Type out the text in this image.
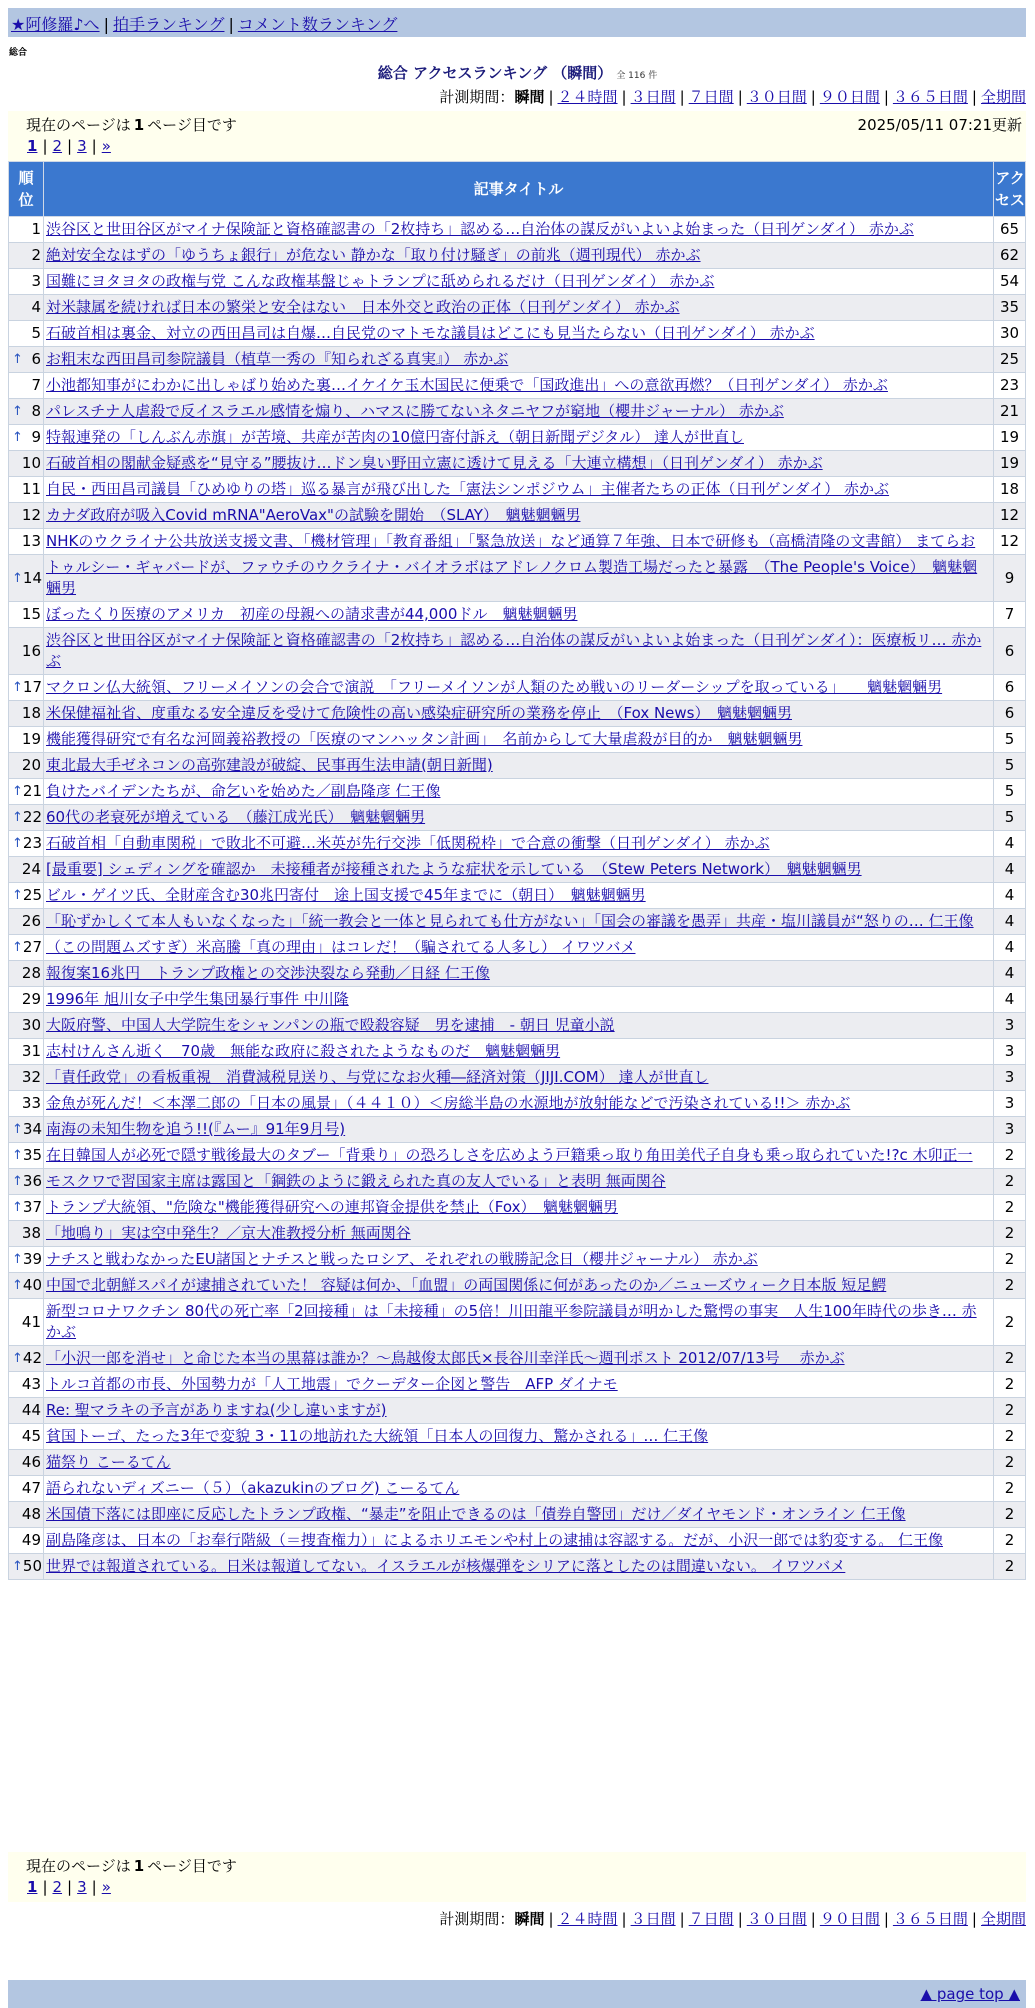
★阿修羅♪へ | 拍手ランキング | コメント数ランキング
総合
総合 アクセスランキング （瞬間） 全 116 件
計測期間：瞬間 | ２４時間 | ３日間 | ７日間 | ３０日間 | ９０日間 | ３６５日間 | 全期間
現在のページは 1 ページ目です	2025/05/11 07:21更新
1 | 2 | 3 | »
順位	記事タイトル	アクセス
1	渋谷区と世田谷区がマイナ保険証と資格確認書の「2枚持ち」認める…自治体の謀反がいよいよ始まった（日刊ゲンダイ） 赤かぶ	65
2	絶対安全なはずの「ゆうちょ銀行」が危ない 静かな「取り付け騒ぎ」の前兆（週刊現代） 赤かぶ	62
3	国難にヨタヨタの政権与党 こんな政権基盤じゃトランプに舐められるだけ（日刊ゲンダイ） 赤かぶ	54
4	対米隷属を続ければ日本の繁栄と安全はない　日本外交と政治の正体（日刊ゲンダイ） 赤かぶ	35
5	石破首相は裏金、対立の西田昌司は自爆…自民党のマトモな議員はどこにも見当たらない（日刊ゲンダイ） 赤かぶ	30

↑ 6	お粗末な西田昌司参院議員（植草一秀の『知られざる真実』） 赤かぶ	25
7	小池都知事がにわかに出しゃばり始めた裏…イケイケ玉木国民に便乗で「国政進出」への意欲再燃？（日刊ゲンダイ） 赤かぶ	23

↑ 8	パレスチナ人虐殺で反イスラエル感情を煽り、ハマスに勝てないネタニヤフが窮地（櫻井ジャーナル） 赤かぶ	21

↑ 9	特報連発の「しんぶん赤旗」が苦境、共産が苦肉の10億円寄付訴え（朝日新聞デジタル） 達人が世直し	19
10	石破首相の閣献金疑惑を“見守る”腰抜け…ドン臭い野田立憲に透けて見える「大連立構想」（日刊ゲンダイ） 赤かぶ	19
11	自民・西田昌司議員「ひめゆりの塔」巡る暴言が飛び出した「憲法シンポジウム」主催者たちの正体（日刊ゲンダイ） 赤かぶ	18
12	カナダ政府が吸入Covid mRNA"AeroVax"の試験を開始　（SLAY）　魑魅魍魎男	12
13	NHKのウクライナ公共放送支援文書、「機材管理」「教育番組」「緊急放送」など通算７年強、日本で研修も（高橋清隆の文書館） まてらお	12

↑ 14	トゥルシー・ギャバードが、ファウチのウクライナ・バイオラボはアドレノクロム製造工場だったと暴露　（The People's Voice）　魑魅魍魎男	9
15	ぼったくり医療のアメリカ　初産の母親への請求書が44,000ドル　魑魅魍魎男	7
16	渋谷区と世田谷区がマイナ保険証と資格確認書の「2枚持ち」認める…自治体の謀反がいよいよ始まった（日刊ゲンダイ）：医療板リ… 赤かぶ	6

↑ 17	マクロン仏大統領、フリーメイソンの会合で演説　「フリーメイソンが人類のため戦いのリーダーシップを取っている」　　魑魅魍魎男	6
18	米保健福祉省、度重なる安全違反を受けて危険性の高い感染症研究所の業務を停止　（Fox News）　魑魅魍魎男	6
19	機能獲得研究で有名な河岡義裕教授の「医療のマンハッタン計画」　名前からして大量虐殺が目的か　魑魅魍魎男	5
20	東北最大手ゼネコンの高弥建設が破綻、民事再生法申請(朝日新聞)	5

↑ 21	負けたバイデンたちが、命乞いを始めた／副島隆彦 仁王像	5

↑ 22	60代の老衰死が増えている　（藤江成光氏）　魑魅魍魎男	5

↑ 23	石破首相「自動車関税」で敗北不可避…米英が先行交渉「低関税枠」で合意の衝撃（日刊ゲンダイ） 赤かぶ	4
24	[最重要] シェディングを確認か　未接種者が接種されたような症状を示している　（Stew Peters Network）　魑魅魍魎男	4

↑ 25	ビル・ゲイツ氏、全財産含む30兆円寄付　途上国支援で45年までに（朝日）　魑魅魍魎男	4
26	「恥ずかしくて本人もいなくなった」「統一教会と一体と見られても仕方がない」「国会の審議を愚弄」共産・塩川議員が“怒りの… 仁王像	4

↑ 27	（この問題ムズすぎ）米高騰「真の理由」はコレだ！（騙されてる人多し） イワツバメ	4
28	報復案16兆円　トランプ政権との交渉決裂なら発動／日経 仁王像	4
29	1996年 旭川女子中学生集団暴行事件 中川隆	4
30	大阪府警、中国人大学院生をシャンパンの瓶で殴殺容疑　男を逮捕　- 朝日 児童小説	3
31	志村けんさん逝く　70歳　無能な政府に殺されたようなものだ　魑魅魍魎男	3
32	「責任政党」の看板重視　消費減税見送り、与党になお火種―経済対策（JIJI.COM） 達人が世直し	3
33	金魚が死んだ！＜本澤二郎の「日本の風景」（４４１０）＜房総半島の水源地が放射能などで汚染されている!!＞ 赤かぶ	3

↑ 34	南海の未知生物を追う!!(『ムー』91年9月号)	3

↑ 35	在日韓国人が必死で隠す戦後最大のタブー「背乗り」の恐ろしさを広めよう戸籍乗っ取り角田美代子自身も乗っ取られていた!?c 木卯正一	2

↑ 36	モスクワで習国家主席は露国と「鋼鉄のように鍛えられた真の友人でいる」と表明 無両関谷	2

↑ 37	トランプ大統領、"危険な"機能獲得研究への連邦資金提供を禁止（Fox）　魑魅魍魎男	2
38	「地鳴り」実は空中発生？／京大准教授分析 無両関谷	2

↑ 39	ナチスと戦わなかったEU諸国とナチスと戦ったロシア、それぞれの戦勝記念日（櫻井ジャーナル） 赤かぶ	2

↑ 40	中国で北朝鮮スパイが逮捕されていた！ 容疑は何か、「血盟」の両国関係に何があったのか／ニューズウィーク日本版 短足鰐	2
41	新型コロナワクチン 80代の死亡率「2回接種」は「未接種」の5倍！川田龍平参院議員が明かした驚愕の事実　人生100年時代の歩き… 赤かぶ	2

↑ 42	「小沢一郎を消せ」と命じた本当の黒幕は誰か？～鳥越俊太郎氏×長谷川幸洋氏～週刊ポスト 2012/07/13号　 赤かぶ	2
43	トルコ首都の市長、外国勢力が「人工地震」でクーデター企図と警告　AFP ダイナモ	2
44	Re: 聖マラキの予言がありますね(少し違いますが)	2
45	貧国トーゴ、たった3年で変貌 3・11の地訪れた大統領「日本人の回復力、驚かされる」… 仁王像	2
46	猫祭り こーるてん	2
47	語られないディズニー（５）（akazukinのブログ) こーるてん	2
48	米国債下落には即座に反応したトランプ政権、“暴走”を阻止できるのは「債券自警団」だけ／ダイヤモンド・オンライン 仁王像	2
49	副島隆彦は、日本の「お奉行階級（＝捜査権力）」によるホリエモンや村上の逮捕は容認する。だが、小沢一郎では豹変する。 仁王像	2

↑ 50	世界では報道されている。日米は報道してない。イスラエルが核爆弾をシリアに落としたのは間違いない。 イワツバメ	2
現在のページは 1 ページ目です
1 | 2 | 3 | »
計測期間：瞬間 | ２４時間 | ３日間 | ７日間 | ３０日間 | ９０日間 | ３６５日間 | 全期間
▲ page top ▲
